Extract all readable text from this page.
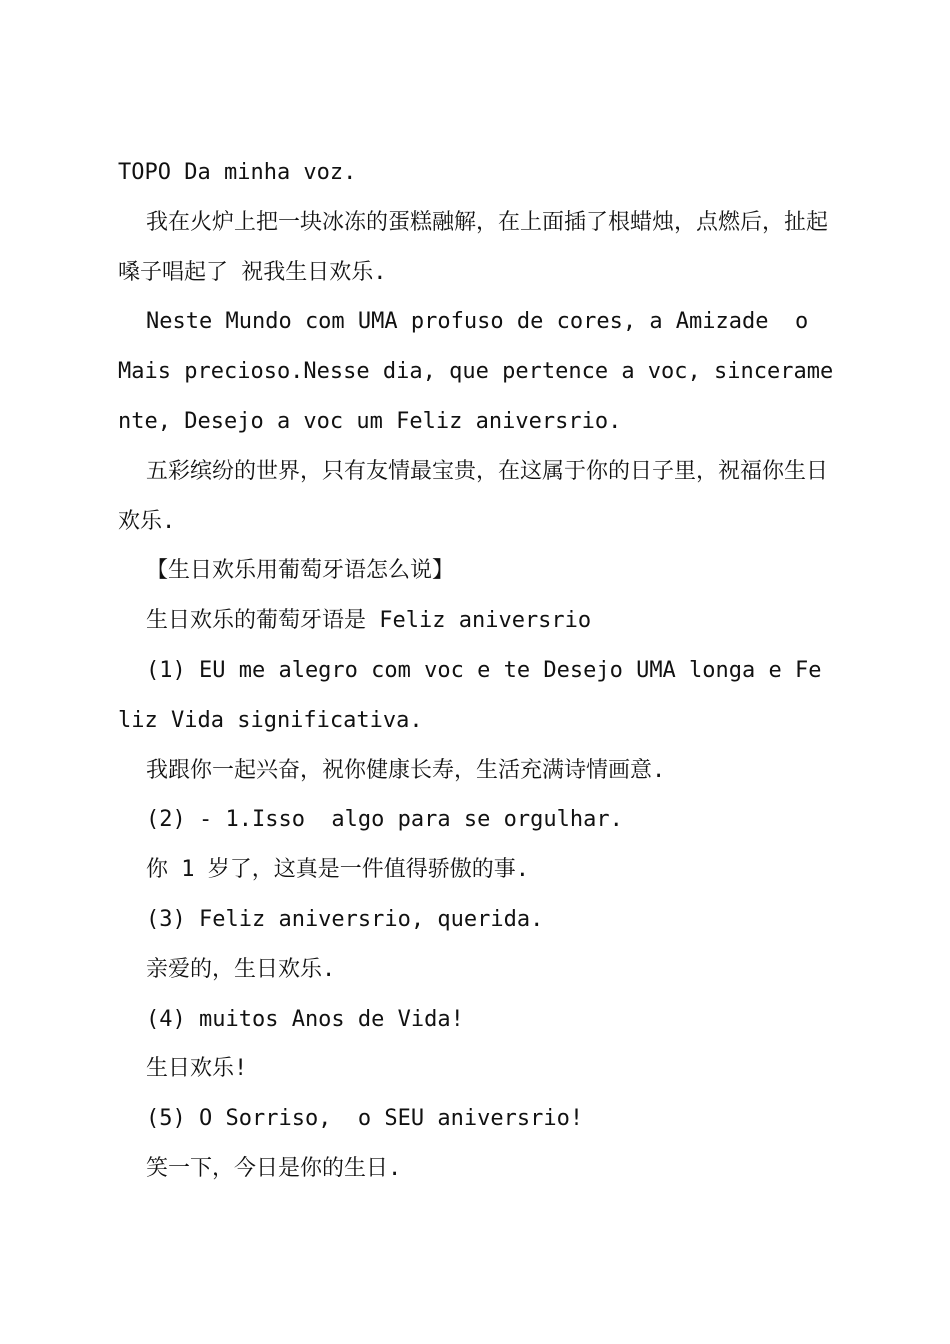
TOPO Da minha voz.

我在火炉上把一块冰冻的蛋糕融解，在上面插了根蜡烛，点燃后，扯起嗓子唱起了 祝我生日欢乐.

Neste Mundo com UMA profuso de cores, a Amizade  o Mais precioso.Nesse dia, que pertence a voc, sinceramente, Desejo a voc um Feliz aniversrio.

五彩缤纷的世界，只有友情最宝贵，在这属于你的日子里，祝福你生日欢乐.

【生日欢乐用葡萄牙语怎么说】

生日欢乐的葡萄牙语是 Feliz aniversrio

(1) EU me alegro com voc e te Desejo UMA longa e Feliz Vida significativa.

我跟你一起兴奋，祝你健康长寿，生活充满诗情画意.

(2) - 1.Isso  algo para se orgulhar.

你 1 岁了，这真是一件值得骄傲的事.

(3) Feliz aniversrio, querida.

亲爱的，生日欢乐.

(4) muitos Anos de Vida!

生日欢乐!

(5) O Sorriso,  o SEU aniversrio!

笑一下，今日是你的生日.
